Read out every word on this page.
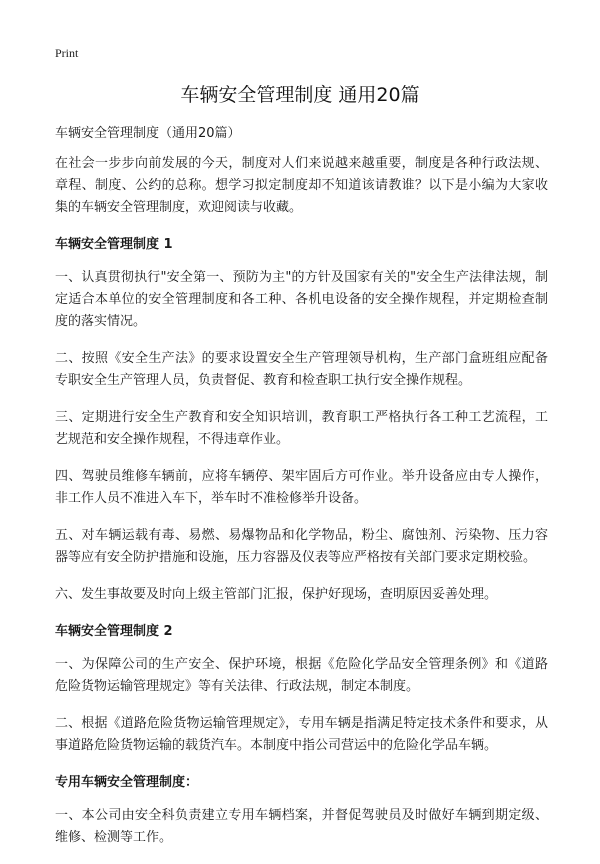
Print
车辆安全管理制度 通用20篇

车辆安全管理制度（通用20篇）

在社会一步步向前发展的今天，制度对人们来说越来越重要，制度是各种行政法规、章程、制度、公约的总称。想学习拟定制度却不知道该请教谁？以下是小编为大家收集的车辆安全管理制度，欢迎阅读与收藏。

车辆安全管理制度 1

一、认真贯彻执行"安全第一、预防为主"的方针及国家有关的"安全生产法律法规，制定适合本单位的安全管理制度和各工种、各机电设备的安全操作规程，并定期检查制度的落实情况。

二、按照《安全生产法》的要求设置安全生产管理领导机构，生产部门盒班组应配备专职安全生产管理人员，负责督促、教育和检查职工执行安全操作规程。

三、定期进行安全生产教育和安全知识培训，教育职工严格执行各工种工艺流程，工艺规范和安全操作规程，不得违章作业。

四、驾驶员维修车辆前，应将车辆停、架牢固后方可作业。举升设备应由专人操作，非工作人员不准进入车下，举车时不准检修举升设备。

五、对车辆运载有毒、易燃、易爆物品和化学物品，粉尘、腐蚀剂、污染物、压力容器等应有安全防护措施和设施，压力容器及仪表等应严格按有关部门要求定期校验。

六、发生事故要及时向上级主管部门汇报，保护好现场，查明原因妥善处理。

车辆安全管理制度 2

一、为保障公司的生产安全、保护环境，根据《危险化学品安全管理条例》和《道路危险货物运输管理规定》等有关法律、行政法规，制定本制度。

二、根据《道路危险货物运输管理规定》，专用车辆是指满足特定技术条件和要求，从事道路危险货物运输的载货汽车。本制度中指公司营运中的危险化学品车辆。

专用车辆安全管理制度：

一、本公司由安全科负责建立专用车辆档案，并督促驾驶员及时做好车辆到期定级、维修、检测等工作。
